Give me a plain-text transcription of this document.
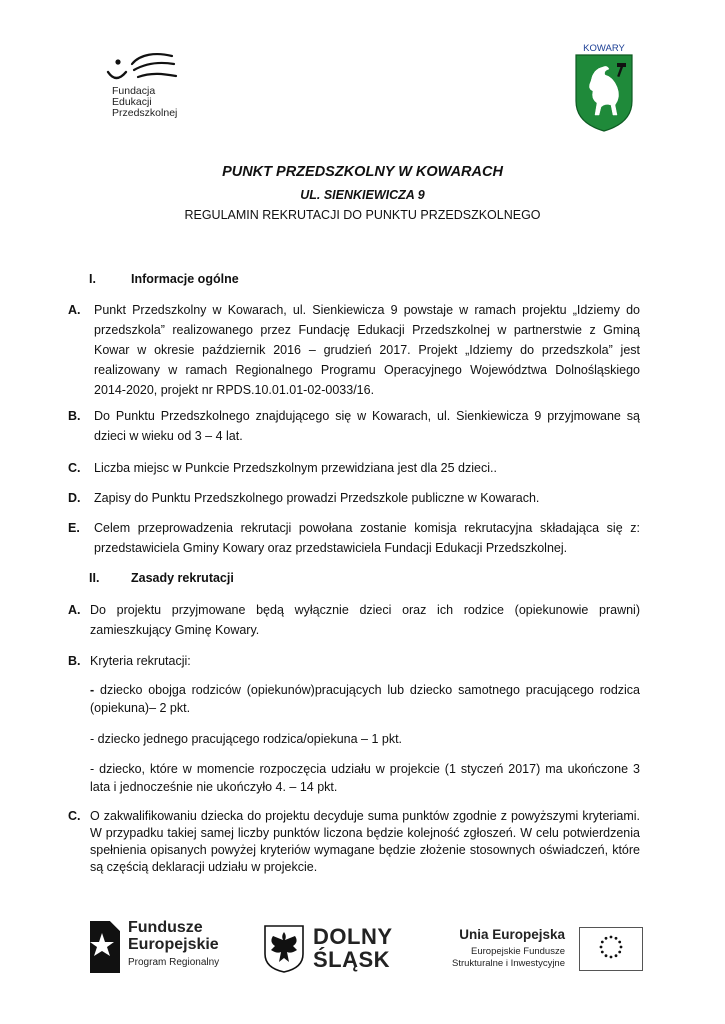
Fundacja
Edukacji
Przedszkolnej
KOWARY
PUNKT PRZEDSZKOLNY W KOWARACH
UL. SIENKIEWICZA 9
REGULAMIN REKRUTACJI DO PUNKTU PRZEDSZKOLNEGO
I.	Informacje ogólne
A. Punkt Przedszkolny w Kowarach, ul. Sienkiewicza 9 powstaje w ramach projektu „Idziemy do przedszkola” realizowanego przez Fundację Edukacji Przedszkolnej w partnerstwie z Gminą Kowar w okresie październik 2016 – grudzień 2017. Projekt „Idziemy do przedszkola” jest realizowany w ramach Regionalnego Programu Operacyjnego Województwa Dolnośląskiego 2014-2020, projekt nr RPDS.10.01.01-02-0033/16.
B. Do Punktu Przedszkolnego znajdującego się w Kowarach, ul. Sienkiewicza 9 przyjmowane są dzieci w wieku od 3 – 4 lat.
C. Liczba miejsc w Punkcie Przedszkolnym przewidziana jest dla 25 dzieci..
D. Zapisy do Punktu Przedszkolnego prowadzi Przedszkole publiczne w Kowarach.
E. Celem przeprowadzenia rekrutacji powołana zostanie komisja rekrutacyjna składająca się z: przedstawiciela Gminy Kowary oraz przedstawiciela Fundacji Edukacji Przedszkolnej.
II.	Zasady rekrutacji
A. Do projektu przyjmowane będą wyłącznie dzieci oraz ich rodzice (opiekunowie prawni) zamieszkujący Gminę Kowary.
B. Kryteria rekrutacji:
- dziecko obojga rodziców (opiekunów)pracujących lub dziecko samotnego pracującego rodzica (opiekuna)– 2 pkt.
- dziecko jednego pracującego rodzica/opiekuna – 1 pkt.
- dziecko, które w momencie rozpoczęcia udziału w projekcie (1 styczeń 2017) ma ukończone 3 lata i jednocześnie nie ukończyło 4. – 14 pkt.
C. O zakwalifikowaniu dziecka do projektu decyduje suma punktów zgodnie z powyższymi kryteriami. W przypadku takiej samej liczby punktów liczona będzie kolejność zgłoszeń. W celu potwierdzenia spełnienia opisanych powyżej kryteriów wymagane będzie złożenie stosownych oświadczeń, które są częścią deklaracji udziału w projekcie.
Fundusze
Europejskie
Program Regionalny
DOLNY
ŚLĄSK
Unia Europejska
Europejskie Fundusze
Strukturalne i Inwestycyjne
